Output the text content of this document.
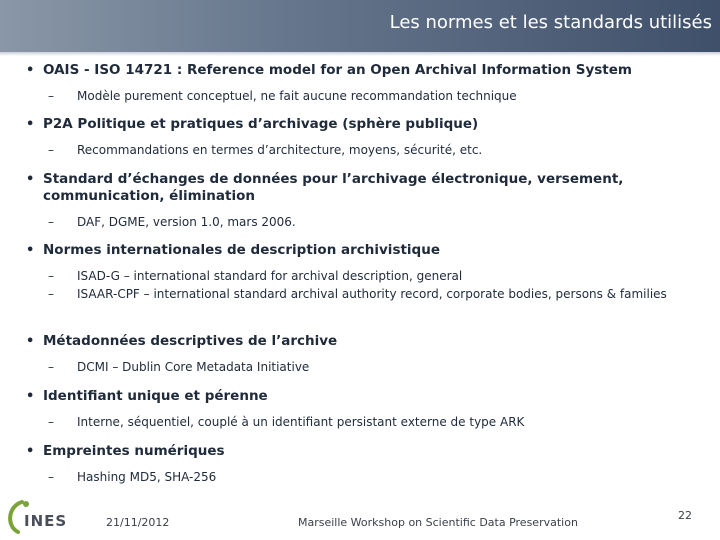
Les normes et les standards utilisés
• OAIS - ISO 14721 : Reference model for an Open Archival Information System
– Modèle purement conceptuel, ne fait aucune recommandation technique
• P2A Politique et pratiques d’archivage (sphère publique)
– Recommandations en termes d’architecture, moyens, sécurité, etc.
• Standard d’échanges de données pour l’archivage électronique, versement, communication, élimination
– DAF, DGME, version 1.0, mars 2006.
• Normes internationales de description archivistique
– ISAD-G – international standard for archival description, general
– ISAAR-CPF – international standard archival authority record, corporate bodies, persons & families
• Métadonnées descriptives de l’archive
– DCMI – Dublin Core Metadata Initiative
• Identifiant unique et pérenne
– Interne, séquentiel, couplé à un identifiant persistant externe de type ARK
• Empreintes numériques
– Hashing MD5, SHA-256
INES	21/11/2012	Marseille Workshop on Scientific Data Preservation
22
